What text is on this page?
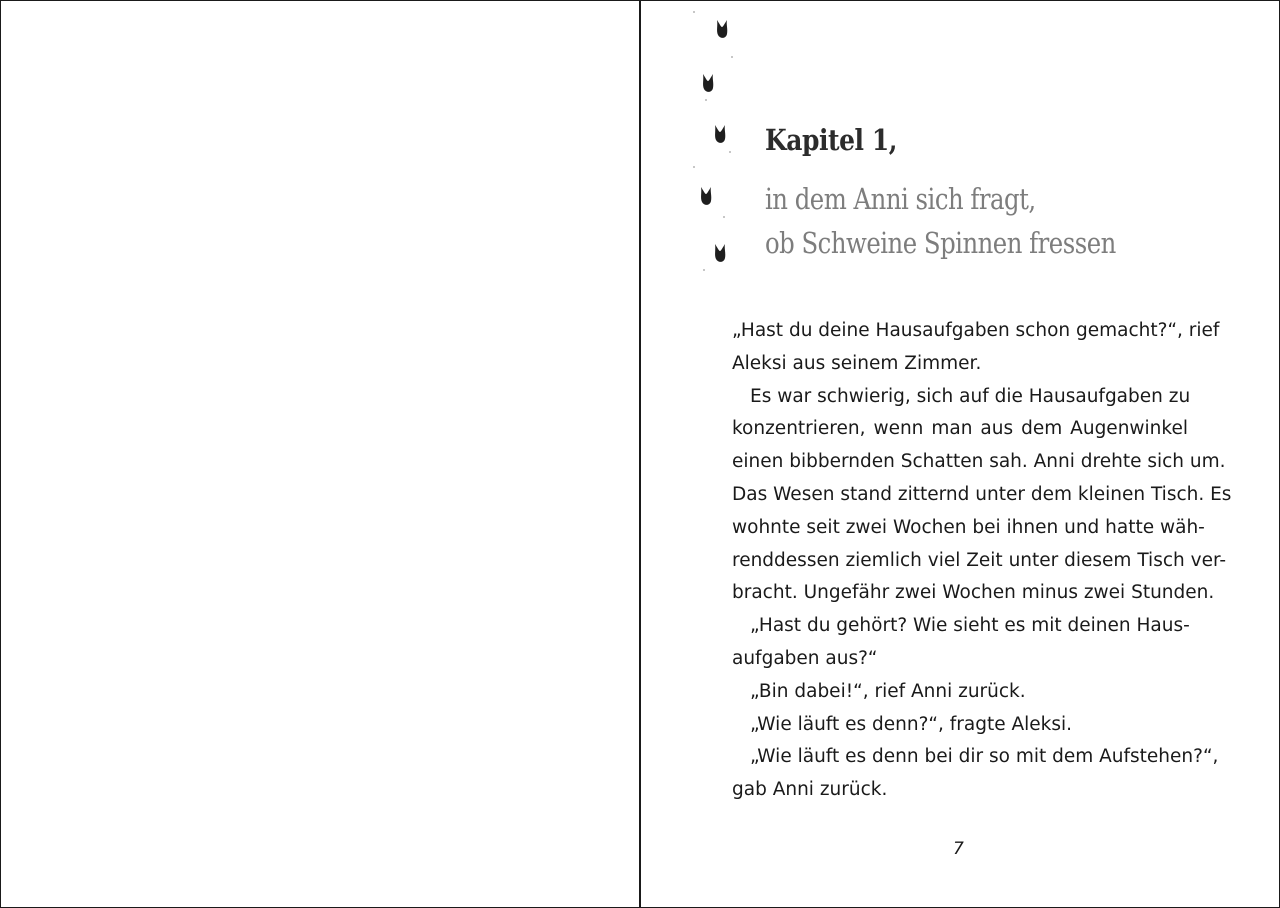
Kapitel 1,
in dem Anni sich fragt,
ob Schweine Spinnen fressen
„Hast du deine Hausaufgaben schon gemacht?“, rief
Aleksi aus seinem Zimmer.
Es war schwierig, sich auf die Hausaufgaben zu
konzentrieren, wenn man aus dem Augenwinkel
einen bibbernden Schatten sah. Anni drehte sich um.
Das Wesen stand zitternd unter dem kleinen Tisch. Es
wohnte seit zwei Wochen bei ihnen und hatte wäh-
renddessen ziemlich viel Zeit unter diesem Tisch ver-
bracht. Ungefähr zwei Wochen minus zwei Stunden.
„Hast du gehört? Wie sieht es mit deinen Haus-
aufgaben aus?“
„Bin dabei!“, rief Anni zurück.
„Wie läuft es denn?“, fragte Aleksi.
„Wie läuft es denn bei dir so mit dem Aufstehen?“,
gab Anni zurück.
7
